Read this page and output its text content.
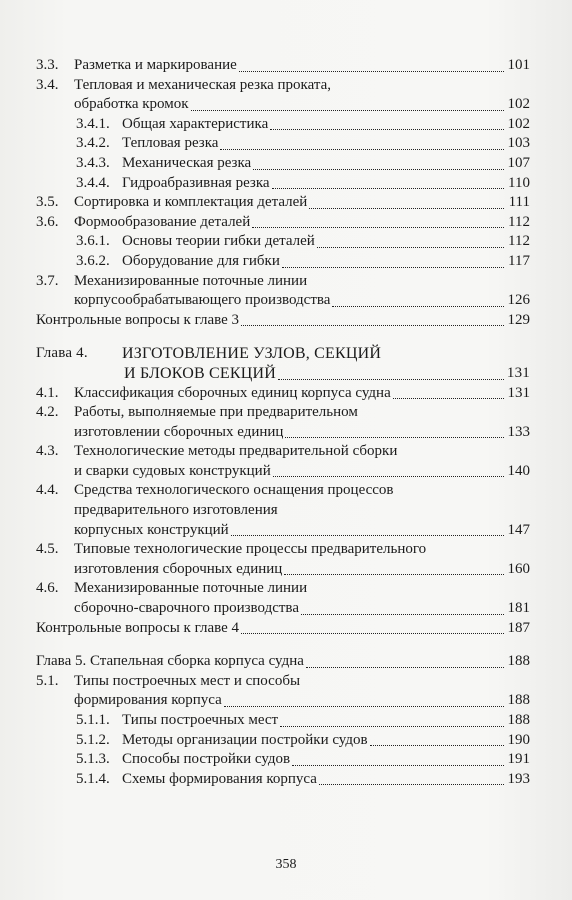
3.3.	Разметка и маркирование	101
3.4.	Тепловая и механическая резка проката,
обработка кромок	102
3.4.1. Общая характеристика	102
3.4.2. Тепловая резка	103
3.4.3. Механическая резка	107
3.4.4. Гидроабразивная резка	110
3.5.	Сортировка и комплектация деталей	111
3.6.	Формообразование деталей	112
3.6.1. Основы теории гибки деталей	112
3.6.2. Оборудование для гибки	117
3.7.	Механизированные поточные линии
корпусообрабатывающего производства	126
Контрольные вопросы к главе 3	129
Глава 4.	ИЗГОТОВЛЕНИЕ УЗЛОВ, СЕКЦИЙ
И БЛОКОВ СЕКЦИЙ	131
4.1.	Классификация сборочных единиц корпуса судна	131
4.2.	Работы, выполняемые при предварительном
изготовлении сборочных единиц	133
4.3.	Технологические методы предварительной сборки
и сварки судовых конструкций	140
4.4.	Средства технологического оснащения процессов
предварительного изготовления
корпусных конструкций	147
4.5.	Типовые технологические процессы предварительного
изготовления сборочных единиц	160
4.6.	Механизированные поточные линии
сборочно-сварочного производства	181
Контрольные вопросы к главе 4	187
Глава 5. Стапельная сборка корпуса судна	188
5.1.	Типы построечных мест и способы
формирования корпуса	188
5.1.1. Типы построечных мест	188
5.1.2. Методы организации постройки судов	190
5.1.3. Способы постройки судов	191
5.1.4. Схемы формирования корпуса	193
358
